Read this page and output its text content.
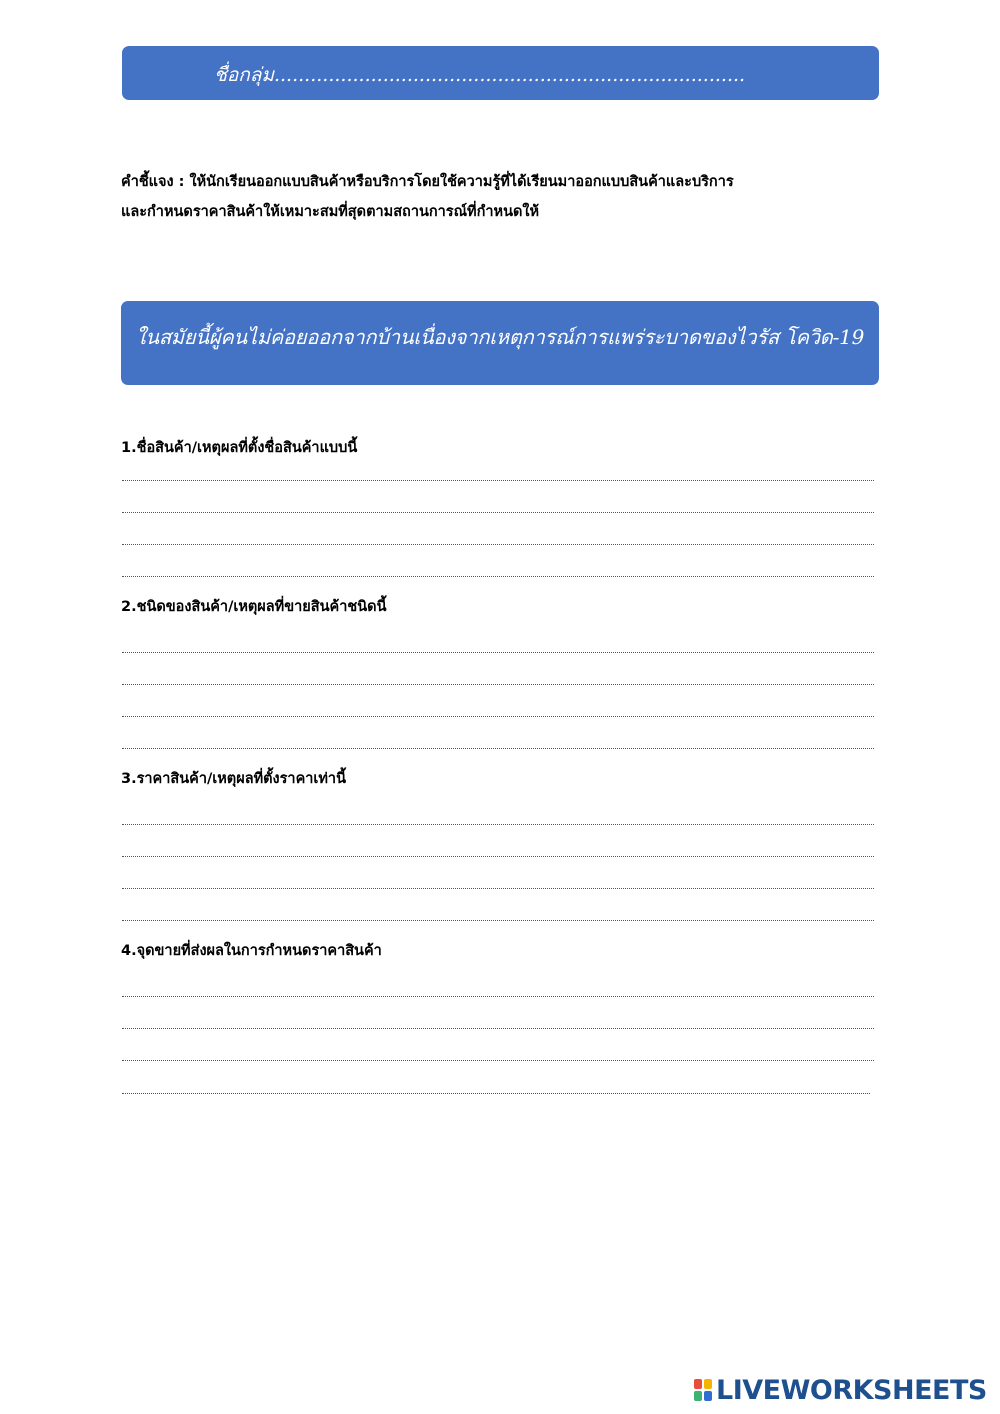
ชื่อกลุ่ม..............................................................................
คำชี้แจง : ให้นักเรียนออกแบบสินค้าหรือบริการโดยใช้ความรู้ที่ได้เรียนมาออกแบบสินค้าและบริการ
และกำหนดราคาสินค้าให้เหมาะสมที่สุดตามสถานการณ์ที่กำหนดให้
ในสมัยนี้ผู้คนไม่ค่อยออกจากบ้านเนื่องจากเหตุการณ์การแพร่ระบาดของไวรัส โควิด-19
1.ชื่อสินค้า/เหตุผลที่ตั้งชื่อสินค้าแบบนี้
2.ชนิดของสินค้า/เหตุผลที่ขายสินค้าชนิดนี้
3.ราคาสินค้า/เหตุผลที่ตั้งราคาเท่านี้
4.จุดขายที่ส่งผลในการกำหนดราคาสินค้า
LIVEWORKSHEETS
